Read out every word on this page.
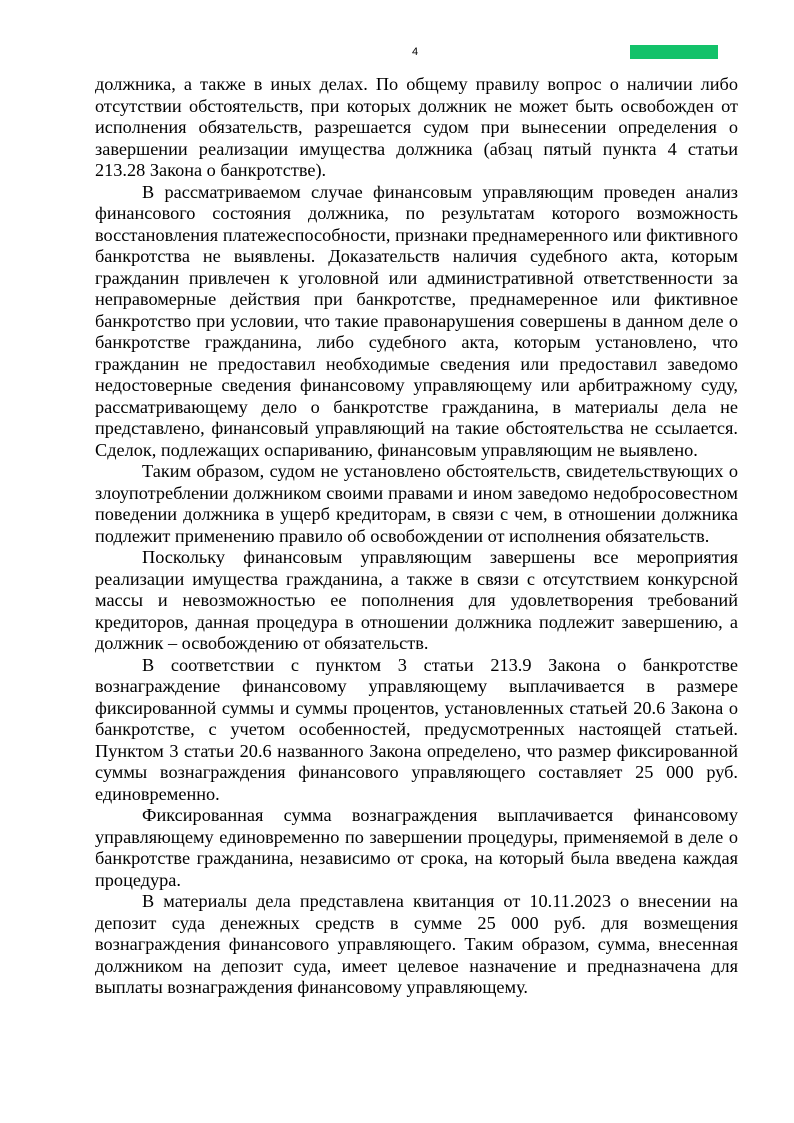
4

должника, а также в иных делах. По общему правилу вопрос о наличии либо отсутствии обстоятельств, при которых должник не может быть освобожден от исполнения обязательств, разрешается судом при вынесении определения о завершении реализации имущества должника (абзац пятый пункта 4 статьи 213.28 Закона о банкротстве).

В рассматриваемом случае финансовым управляющим проведен анализ финансового состояния должника, по результатам которого возможность восстановления платежеспособности, признаки преднамеренного или фиктивного банкротства не выявлены. Доказательств наличия судебного акта, которым гражданин привлечен к уголовной или административной ответственности за неправомерные действия при банкротстве, преднамеренное или фиктивное банкротство при условии, что такие правонарушения совершены в данном деле о банкротстве гражданина, либо судебного акта, которым установлено, что гражданин не предоставил необходимые сведения или предоставил заведомо недостоверные сведения финансовому управляющему или арбитражному суду, рассматривающему дело о банкротстве гражданина, в материалы дела не представлено, финансовый управляющий на такие обстоятельства не ссылается. Сделок, подлежащих оспариванию, финансовым управляющим не выявлено.

Таким образом, судом не установлено обстоятельств, свидетельствующих о злоупотреблении должником своими правами и ином заведомо недобросовестном поведении должника в ущерб кредиторам, в связи с чем, в отношении должника подлежит применению правило об освобождении от исполнения обязательств.

Поскольку финансовым управляющим завершены все мероприятия реализации имущества гражданина, а также в связи с отсутствием конкурсной массы и невозможностью ее пополнения для удовлетворения требований кредиторов, данная процедура в отношении должника подлежит завершению, а должник – освобождению от обязательств.

В соответствии с пунктом 3 статьи 213.9 Закона о банкротстве вознаграждение финансовому управляющему выплачивается в размере фиксированной суммы и суммы процентов, установленных статьей 20.6 Закона о банкротстве, с учетом особенностей, предусмотренных настоящей статьей. Пунктом 3 статьи 20.6 названного Закона определено, что размер фиксированной суммы вознаграждения финансового управляющего составляет 25 000 руб. единовременно.

Фиксированная сумма вознаграждения выплачивается финансовому управляющему единовременно по завершении процедуры, применяемой в деле о банкротстве гражданина, независимо от срока, на который была введена каждая процедура.

В материалы дела представлена квитанция от 10.11.2023 о внесении на депозит суда денежных средств в сумме 25 000 руб. для возмещения вознаграждения финансового управляющего. Таким образом, сумма, внесенная должником на депозит суда, имеет целевое назначение и предназначена для выплаты вознаграждения финансовому управляющему.
